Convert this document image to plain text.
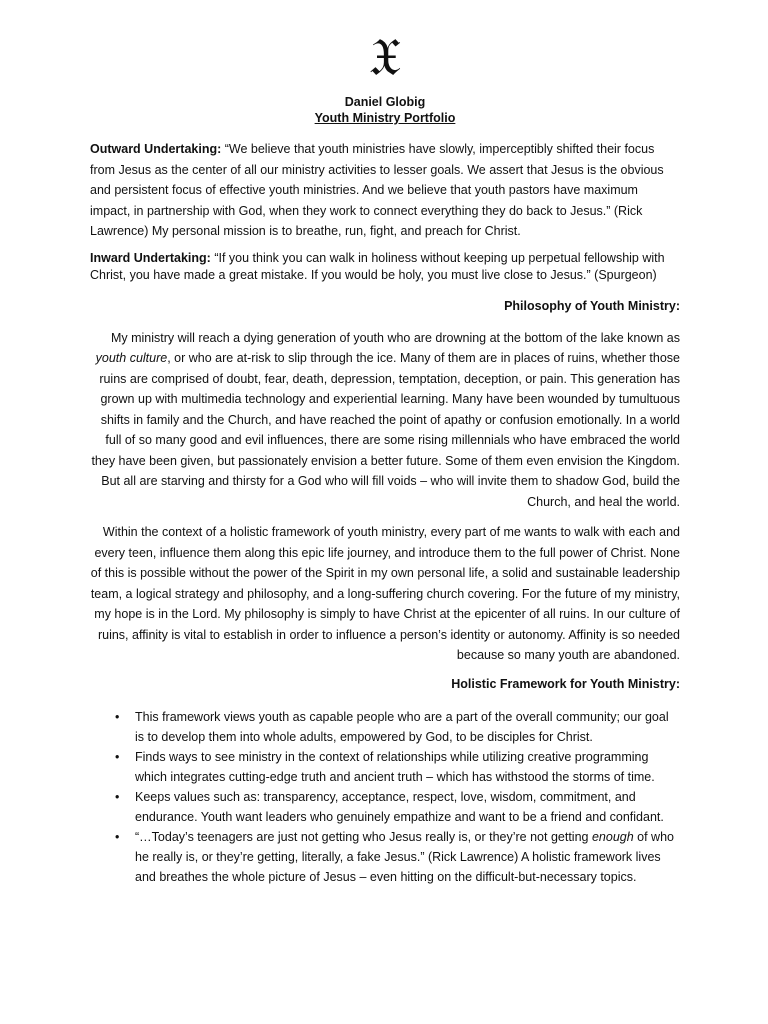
𝔛
Daniel Globig
Youth Ministry Portfolio

Outward Undertaking: “We believe that youth ministries have slowly, imperceptibly shifted their focus from Jesus as the center of all our ministry activities to lesser goals. We assert that Jesus is the obvious and persistent focus of effective youth ministries. And we believe that youth pastors have maximum impact, in partnership with God, when they work to connect everything they do back to Jesus.” (Rick Lawrence) My personal mission is to breathe, run, fight, and preach for Christ.

Inward Undertaking: “If you think you can walk in holiness without keeping up perpetual fellowship with Christ, you have made a great mistake. If you would be holy, you must live close to Jesus.” (Spurgeon)

Philosophy of Youth Ministry:

My ministry will reach a dying generation of youth who are drowning at the bottom of the lake known as youth culture, or who are at-risk to slip through the ice. Many of them are in places of ruins, whether those ruins are comprised of doubt, fear, death, depression, temptation, deception, or pain. This generation has grown up with multimedia technology and experiential learning. Many have been wounded by tumultuous shifts in family and the Church, and have reached the point of apathy or confusion emotionally. In a world full of so many good and evil influences, there are some rising millennials who have embraced the world they have been given, but passionately envision a better future. Some of them even envision the Kingdom. But all are starving and thirsty for a God who will fill voids – who will invite them to shadow God, build the Church, and heal the world.

Within the context of a holistic framework of youth ministry, every part of me wants to walk with each and every teen, influence them along this epic life journey, and introduce them to the full power of Christ. None of this is possible without the power of the Spirit in my own personal life, a solid and sustainable leadership team, a logical strategy and philosophy, and a long-suffering church covering. For the future of my ministry, my hope is in the Lord. My philosophy is simply to have Christ at the epicenter of all ruins. In our culture of ruins, affinity is vital to establish in order to influence a person’s identity or autonomy. Affinity is so needed because so many youth are abandoned.

Holistic Framework for Youth Ministry:
• This framework views youth as capable people who are a part of the overall community; our goal is to develop them into whole adults, empowered by God, to be disciples for Christ.
• Finds ways to see ministry in the context of relationships while utilizing creative programming which integrates cutting-edge truth and ancient truth – which has withstood the storms of time.
• Keeps values such as: transparency, acceptance, respect, love, wisdom, commitment, and endurance. Youth want leaders who genuinely empathize and want to be a friend and confidant.
• “…Today’s teenagers are just not getting who Jesus really is, or they’re not getting enough of who he really is, or they’re getting, literally, a fake Jesus.” (Rick Lawrence) A holistic framework lives and breathes the whole picture of Jesus – even hitting on the difficult-but-necessary topics.
